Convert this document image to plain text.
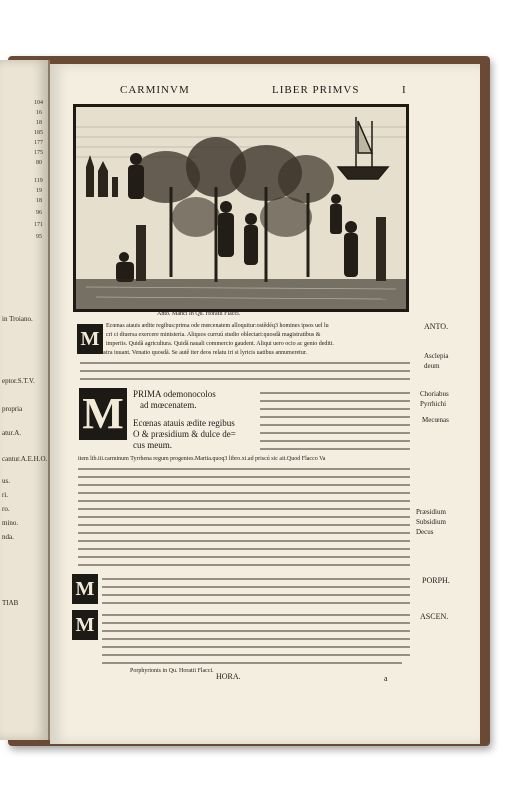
104
16
18
185
177
175
80
119
19
18
96
171
95
in Troiano.
eptor.S.T.V.
propria
atur.A.
cantur.A.E.H.O.
us.
ri.
ro.
mino.
nda.
TIAB
CARMINVM	LIBER PRIMVS	I
Anto. Manci In Qu. Horatii Flacci.
M
Ecœnas atauis ædite regibus:prima ode mœcenatem alloquitur:ostêdéq3 homines ipsos uel lu
cri ci diuersa exercere ministeria. Aliquos curruú studio oblectari:quosdã magistratibus &
imperiis. Quidã agricultura. Quidã nauali commercio gaudent. Aliqui uero ocio ac genio dediti.
Multos castra iuuant. Venatio quosdã. Se autê iter deos relatu iri si lyricis uatibus annumeretur.
M	PRIMA odemonocolos
ad mœcenatem.
Ecœnas atauis ædite regibus
O & præsidium & dulce de=
cus meum.
item lib.iii.carminum Tyrrhena regum progenies.Martia.quoq3 libro.xi.ad priscú sic ait.Quod Flacco Va
M
M
Porphyrionis in Qu. Horatii Flacci.
ANTO.
Asclepia
deum
Choriabus
Pyrrhichi
Mecœnas
Præsidium
Subsidium
Decus
PORPH.
ASCEN.
HORA.	a
